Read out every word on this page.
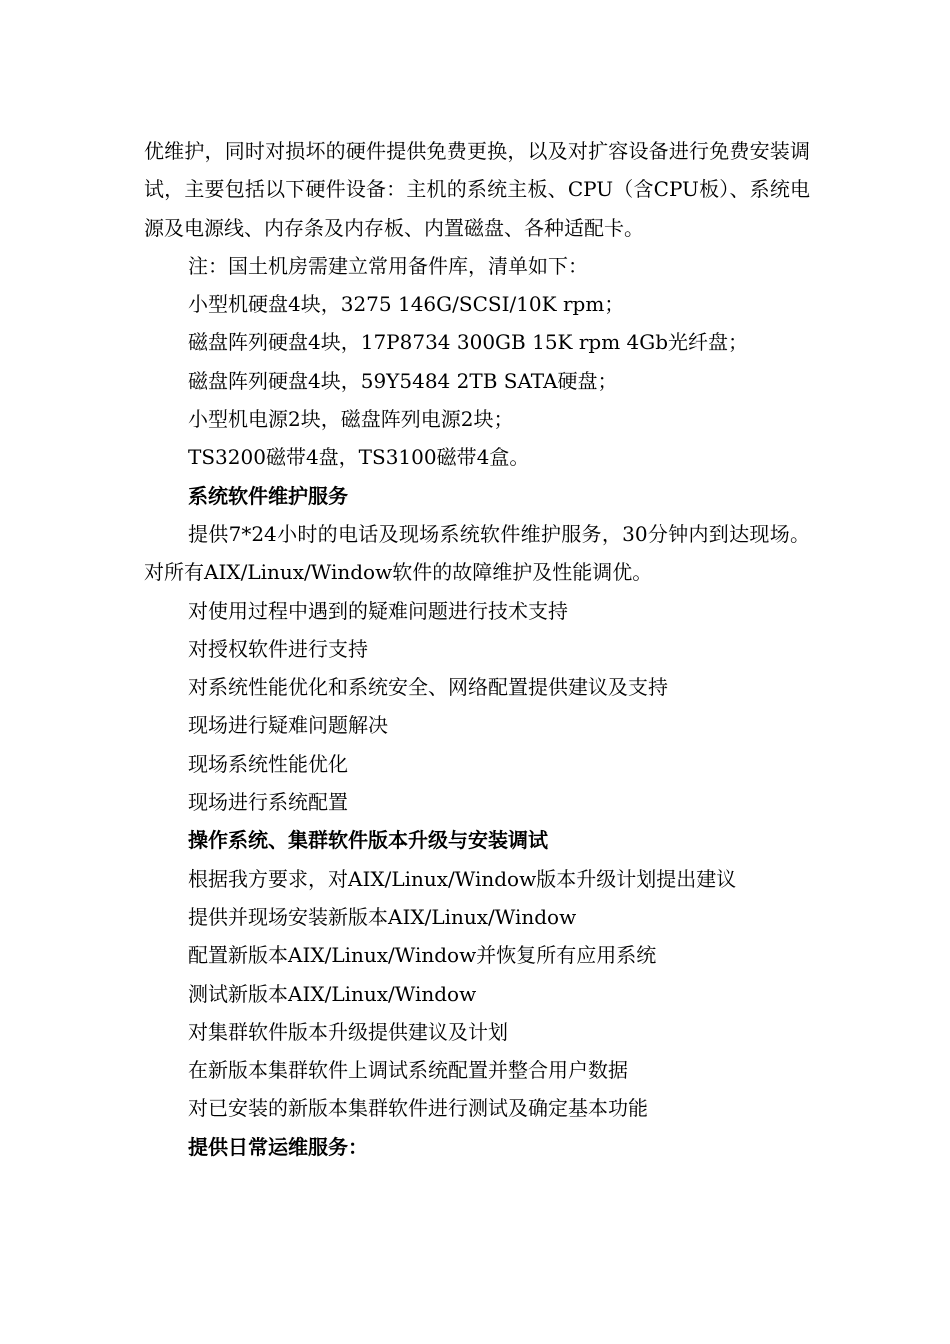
优维护，同时对损坏的硬件提供免费更换，以及对扩容设备进行免费安装调试，主要包括以下硬件设备：主机的系统主板、CPU（含CPU板）、系统电源及电源线、内存条及内存板、内置磁盘、各种适配卡。

注：国土机房需建立常用备件库，清单如下：

小型机硬盘4块，3275 146G/SCSI/10K rpm；

磁盘阵列硬盘4块，17P8734 300GB 15K rpm 4Gb光纤盘；

磁盘阵列硬盘4块，59Y5484 2TB SATA硬盘；

小型机电源2块，磁盘阵列电源2块；

TS3200磁带4盘，TS3100磁带4盒。

系统软件维护服务

提供7*24小时的电话及现场系统软件维护服务，30分钟内到达现场。对所有AIX/Linux/Window软件的故障维护及性能调优。

对使用过程中遇到的疑难问题进行技术支持

对授权软件进行支持

对系统性能优化和系统安全、网络配置提供建议及支持

现场进行疑难问题解决

现场系统性能优化

现场进行系统配置

操作系统、集群软件版本升级与安装调试

根据我方要求，对AIX/Linux/Window版本升级计划提出建议

提供并现场安装新版本AIX/Linux/Window

配置新版本AIX/Linux/Window并恢复所有应用系统

测试新版本AIX/Linux/Window

对集群软件版本升级提供建议及计划

在新版本集群软件上调试系统配置并整合用户数据

对已安装的新版本集群软件进行测试及确定基本功能

提供日常运维服务：
